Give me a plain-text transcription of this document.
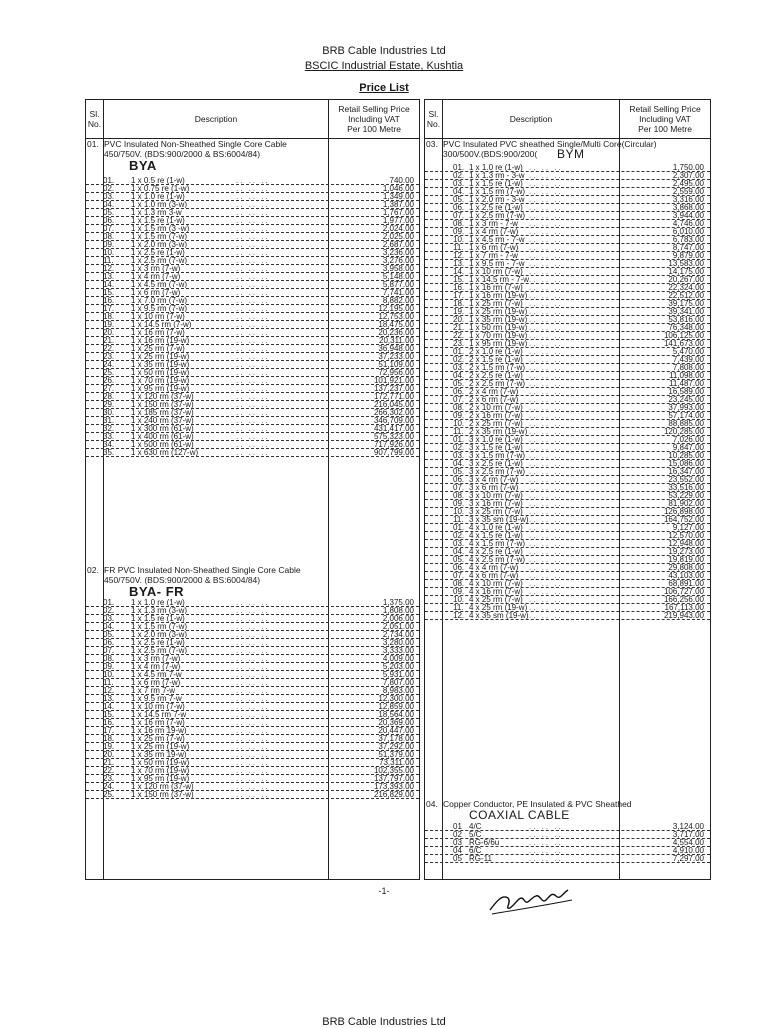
BRB Cable Industries Ltd
BSCIC Industrial Estate, Kushtia
Price List
Sl.
No.	Description
Retail Selling Price
Including VAT
Per 100 Metre
01. PVC Insulated Non-Sheathed Single Core Cable
450/750V. (BDS:900/2000 & BS:6004/84)
BYA
01. 1 x 0.5 re (1-w)	.. .. ..	740.00
02. 1 x 0.75 re (1-w)	.. .. ..	1,046.00
03. 1 x 1.0 re (1-w)	.. .. ..	1,349.00
04. 1 x 1.0 rm (3-w)	.. .. ..	1,387.00
05. 1 x 1.3 rm 3-w	.. .. ..	1,767.00
06. 1 x 1.5 re (1-w)	.. .. ..	1,977.00
07. 1 x 1.5 rm (3 -w)	.. .. ..	2,024.00
08. 1 x 1.5 rm (7-w)	.. .. ..	2,025.00
09. 1 x 2.0 rm (3-w)	.. .. ..	2,687.00
10. 1 x 2.5 re (1-w)	.. .. ..	3,236.00
11. 1 x 2.5 rm (7-w)	.. .. ..	3,276.00
12. 1 x 3 rm (7-w)	.. .. ..	3,958.00
13. 1 x 4 rm (7-w)	.. .. ..	5,148.00
14. 1 x 4.5 rm (7-w)	.. .. ..	5,877.00
15. 1 x 6 rm (7-w)	.. .. ..	7,741.00
16. 1 x 7.0 rm (7-w)	.. .. ..	8,882.00
17. 1 x 9.5 rm (7-w)	.. .. ..	12,195.00
18. 1 x 10 rm (7-w)	.. .. ..	12,753.00
19. 1 x 14.5 rm (7-w)	.. .. ..	18,475.00
20. 1 x 16 rm (7-w)	.. .. ..	20,236.00
21. 1 x 16 rm (19-w)	.. .. ..	20,311.00
22. 1 x 25 rm (7-w)	.. .. ..	36,948.00
23. 1 x 25 rm (19-w)	.. .. ..	37,233.00
24. 1 x 35 rm (19-w)	.. .. ..	51,109.00
25. 1 x 50 rm (19-w)	.. .. ..	72,956.00
26. 1 x 70 rm (19-w)	.. .. ..	101,921.00
27. 1 x 95 rm (19-w)	.. .. ..	137,237.00
28. 1 x 120 rm (37-w)	.. .. ..	172,771.00
29. 1 x 150 rm (37-w)	.. .. ..	216,045.00
30. 1 x 185 rm (37-w)	.. .. ..	266,302.00
31. 1 x 240 rm (37-w)	.. .. ..	346,709.00
32. 1 x 300 rm (61-w)	.. .. ..	431,417.00
33. 1 x 400 rm (61-w)	.. .. ..	575,323.00
34. 1 x 500 rm (61-w)	.. .. ..	717,926.00
35. 1 x 630 rm (127-w)	.. .. ..	907,799.00
02. FR PVC Insulated Non-Sheathed Single Core Cable
450/750V. (BDS:900/2000 & BS:6004/84)
BYA- FR
01. 1 x 1.0 re (1-w)	.. .. ..	1,375.00
02. 1 x 1.3 rm (3-w)	.. .. ..	1,808.00
03. 1 x 1.5 re (1-w)	.. .. ..	2,006.00
04. 1 x 1.5 rm (7-w)	.. .. ..	2,051.00
05. 1 x 2.0 rm (3-w)	.. .. ..	2,734.00
06. 1 x 2.5 re (1-w)	.. .. ..	3,280.00
07. 1 x 2.5 rm (7-w)	.. .. ..	3,333.00
08. 1 x 3 rm (7-w)	.. .. ..	4,009.00
09. 1 x 4 rm (7-w)	.. .. ..	5,203.00
10. 1 x 4.5 rm 7-w	.. .. ..	5,931.00
11. 1 x 6 rm (7-w)	.. .. ..	7,807.00
12. 1 x 7 rm 7-w	.. .. ..	8,983.00
13. 1 x 9.5 rm 7-w	.. .. ..	12,300.00
14. 1 x 10 rm (7-w)	.. .. ..	12,859.00
15. 1 x 14.5 rm 7-w	.. .. ..	18,564.00
16. 1 x 16 rm (7-w)	.. .. ..	20,369.00
17. 1 x 16 rm 19-w)	.. .. ..	20,447.00
18. 1 x 25 rm (7-w)	.. .. ..	37,178.00
19. 1 x 25 rm (19-w)	.. .. ..	37,292.00
20. 1 x 35 rm 19-w)	.. .. ..	51,379.00
21. 1 x 50 rm (19-w)	.. .. ..	73,311.00
22. 1 x 70 rm (19-w)	.. .. ..	102,355.00
23. 1 x 95 rm (19-w)	.. .. ..	137,797.00
24. 1 x 120 rm (37-w)	.. .. ..	173,393.00
25. 1 x 150 rm (37-w)	.. .. ..	216,829.00
Sl.
No.	Description
Retail Selling Price
Including VAT
Per 100 Metre
03. PVC Insulated PVC sheathed Single/Multi Core(Circular)
300/500V.(BDS:900/200(	BYM
01. 1 x 1.0 re (1-w) .. .. ..	1,750.00
02. 1 x 1.3 rm - 3-w .. .. ..	2,307.00
03. 1 x 1.5 re (1-w) .. .. ..	2,495.00
04. 1 x 1.5 rm (7-w) .. .. ..	2,559.00
05. 1 x 2.0 rm - 3-w .. .. ..	3,316.00
06. 1 x 2.5 re (1-w) .. .. ..	3,868.00
07. 1 x 2.5 rm (7-w) .. .. ..	3,944.00
08. 1 x 3 rm - 7-w .. .. ..	4,746.00
09. 1 x 4 rm (7-w) .. .. ..	6,010.00
10. 1 x 4.5 rm - 7-w .. .. ..	6,783.00
11. 1 x 6 rm (7-w) .. .. ..	8,747.00
12. 1 x 7 rm - 7-w .. .. ..	9,879.00
13. 1 x 9.5 rm - 7-w .. .. ..	13,583.00
14. 1 x 10 rm (7-w) .. .. ..	14,175.00
15. 1 x 14.5 rm - 7-w .. .. ..	20,267.00
16. 1 x 16 rm (7-w) .. .. ..	22,324.00
17. 1 x 16 rm (19-w) .. .. ..	22,512.00
18. 1 x 25 rm (7-w) .. .. ..	39,175.00
19. 1 x 25 rm (19-w) .. .. ..	39,341.00
20. 1 x 35 rm (19-w) .. .. ..	53,816.00
21. 1 x 50 rm (19-w) .. .. ..	76,348.00
22. 1 x 70 rm (19-w) .. .. ..	106,125.00
23. 1 x 95 rm (19-w) .. .. ..	141,673.00
01. 2 x 1.0 re (1-w) .. .. ..	5,470.00
02. 2 x 1.5 re (1-w) .. .. ..	7,439.00
03. 2 x 1.5 rm (7-w) .. .. ..	7,808.00
04. 2 x 2.5 re (1-w) .. .. ..	11,098.00
05. 2 x 2.5 rm (7-w) .. .. ..	11,487.00
06. 2 x 4 rm (7-w) .. .. ..	16,589.00
07. 2 x 6 rm (7-w) .. .. ..	23,245.00
08. 2 x 10 rm (7-w) .. .. ..	37,993.00
09. 2 x 16 rm (7-w) .. .. ..	57,174.00
10. 2 x 25 rm (7-w) .. .. ..	88,885.00
11. 2 x 35 rm (19-w) .. .. ..	120,285.00
01. 3 x 1.0 re (1-w) .. .. ..	7,026.00
02. 3 x 1.5 re (1-w) .. .. ..	9,847.00
03. 3 x 1.5 rm (7-w) .. .. ..	10,285.00
04. 3 x 2.5 re (1-w) .. .. ..	15,086.00
05. 3 x 2.5 rm (7-w) .. .. ..	16,347.00
06. 3 x 4 rm (7-w) .. .. ..	23,552.00
07. 3 x 6 rm (7-w) .. .. ..	33,516.00
08. 3 x 10 rm (7-w) .. .. ..	53,229.00
09. 3 x 16 rm (7-w) .. .. ..	81,902.00
10. 3 x 25 rm (7-w) .. .. ..	126,898.00
11. 3 x 35 sm (19-w) .. .. ..	164,752.00
01. 4 x 1.0 re (1-w) .. .. ..	9,127.00
02. 4 x 1.5 re (1-w) .. .. ..	12,570.00
03. 4 x 1.5 rm (7-w) .. .. ..	12,948.00
04. 4 x 2.5 re (1-w) .. .. ..	19,273.00
05. 4 x 2.5 rm (7-w) .. .. ..	19,819.00
06. 4 x 4 rm (7-w) .. .. ..	29,808.00
07. 4 x 6 rm (7-w) .. .. ..	43,103.00
08. 4 x 10 rm (7-w) .. .. ..	68,891.00
09. 4 x 16 rm (7-w) .. .. ..	106,727.00
10. 4 x 25 rm (7-w) .. .. ..	166,256.00
11. 4 x 25 rm (19-w) .. .. ..	167,113.00
12. 4 x 35 sm (19-w) .. .. ..	219,943.00
04. Copper Conductor, PE Insulated & PVC Sheathed
COAXIAL CABLE
01 4/C	.. .. ..	3,124.00
02 5/C	.. .. ..	3,717.00
03 RG-6/6u	.. .. ..	4,554.00
04 6/C	.. .. ..	4,910.00
05 RG-11	.. .. ..	7,297.00
-1-
BRB Cable Industries Ltd
